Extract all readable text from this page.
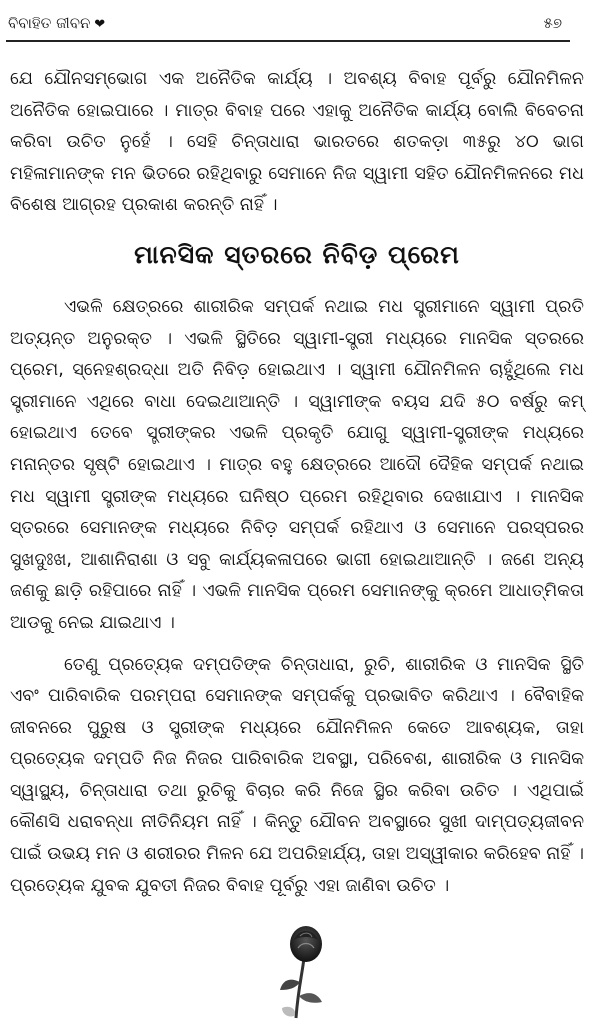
ବିବାହିତ ଜୀବନ ❤	୫୭

ଯେ ଯୌନସମ୍ଭୋଗ ଏକ ଅନୈତିକ କାର୍ଯ୍ୟ । ଅବଶ୍ୟ ବିବାହ ପୂର୍ବରୁ ଯୌନମିଳନ ଅନୈତିକ ହୋଇପାରେ । ମାତ୍ର ବିବାହ ପରେ ଏହାକୁ ଅନୈତିକ କାର୍ଯ୍ୟ ବୋଲି ବିବେଚନା କରିବା ଉଚିତ ନୁହେଁ । ସେହି ଚିନ୍ତାଧାରା ଭାରତରେ ଶତକଡ଼ା ୩୫ରୁ ୪୦ ଭାଗ ମହିଳାମାନଙ୍କ ମନ ଭିତରେ ରହିଥିବାରୁ ସେମାନେ ନିଜ ସ୍ୱାମୀ ସହିତ ଯୌନମିଳନରେ ମଧ ବିଶେଷ ଆଗ୍ରହ ପ୍ରକାଶ କରନ୍ତି ନାହିଁ ।

ମାନସିକ ସ୍ତରରେ ନିବିଡ଼ ପ୍ରେମ

ଏଭଳି କ୍ଷେତ୍ରରେ ଶାରୀରିକ ସମ୍ପର୍କ ନଥାଇ ମଧ ସ୍ତ୍ରୀମାନେ ସ୍ୱାମୀ ପ୍ରତି ଅତ୍ୟନ୍ତ ଅନୁରକ୍ତ । ଏଭଳି ସ୍ଥିତିରେ ସ୍ୱାମୀ-ସ୍ତ୍ରୀ ମଧ୍ୟରେ ମାନସିକ ସ୍ତରରେ ପ୍ରେମ, ସ୍ନେହଶ୍ରଦ୍ଧା ଅତି ନିବିଡ଼ ହୋଇଥାଏ । ସ୍ୱାମୀ ଯୌନମିଳନ ଚାହୁଁଥିଲେ ମଧ ସ୍ତ୍ରୀମାନେ ଏଥିରେ ବାଧା ଦେଇଥାଆନ୍ତି । ସ୍ୱାମୀଙ୍କ ବୟସ ଯଦି ୫୦ ବର୍ଷରୁ କମ୍ ହୋଇଥାଏ ତେବେ ସ୍ତ୍ରୀଙ୍କର ଏଭଳି ପ୍ରକୃତି ଯୋଗୁ ସ୍ୱାମୀ-ସ୍ତ୍ରୀଙ୍କ ମଧ୍ୟରେ ମନାନ୍ତର ସୃଷ୍ଟି ହୋଇଥାଏ । ମାତ୍ର ବହୁ କ୍ଷେତ୍ରରେ ଆଦୌ ଦୈହିକ ସମ୍ପର୍କ ନଥାଇ ମଧ ସ୍ୱାମୀ ସ୍ତ୍ରୀଙ୍କ ମଧ୍ୟରେ ଘନିଷ୍ଠ ପ୍ରେମ ରହିଥିବାର ଦେଖାଯାଏ । ମାନସିକ ସ୍ତରରେ ସେମାନଙ୍କ ମଧ୍ୟରେ ନିବିଡ଼ ସମ୍ପର୍କ ରହିଥାଏ ଓ ସେମାନେ ପରସ୍ପରର ସୁଖଦୁଃଖ, ଆଶାନିରାଶା ଓ ସବୁ କାର୍ଯ୍ୟକଳାପରେ ଭାଗୀ ହୋଇଥାଆନ୍ତି । ଜଣେ ଅନ୍ୟ ଜଣକୁ ଛାଡ଼ି ରହିପାରେ ନାହିଁ । ଏଭଳି ମାନସିକ ପ୍ରେମ ସେମାନଙ୍କୁ କ୍ରମେ ଆଧାତ୍ମିକତା ଆଡକୁ ନେଇ ଯାଇଥାଏ ।

ତେଣୁ ପ୍ରତ୍ୟେକ ଦମ୍ପତିଙ୍କ ଚିନ୍ତାଧାରା, ରୁଚି, ଶାରୀରିକ ଓ ମାନସିକ ସ୍ଥିତି ଏବଂ ପାରିବାରିକ ପରମ୍ପରା ସେମାନଙ୍କ ସମ୍ପର୍କକୁ ପ୍ରଭାବିତ କରିଥାଏ । ବୈବାହିକ ଜୀବନରେ ପୁରୁଷ ଓ ସ୍ତ୍ରୀଙ୍କ ମଧ୍ୟରେ ଯୌନମିଳନ କେତେ ଆବଶ୍ୟକ, ତାହା ପ୍ରତ୍ୟେକ ଦମ୍ପତି ନିଜ ନିଜର ପାରିବାରିକ ଅବସ୍ଥା, ପରିବେଶ, ଶାରୀରିକ ଓ ମାନସିକ ସ୍ୱାସ୍ଥ୍ୟ, ଚିନ୍ତାଧାରା ତଥା ରୁଚିକୁ ବିଚାର କରି ନିଜେ ସ୍ଥିର କରିବା ଉଚିତ । ଏଥିପାଇଁ କୌଣସି ଧରାବନ୍ଧା ନୀତିନିୟମ ନାହିଁ । କିନ୍ତୁ ଯୌବନ ଅବସ୍ଥାରେ ସୁଖୀ ଦାମ୍ପତ୍ୟଜୀବନ ପାଇଁ ଉଭୟ ମନ ଓ ଶରୀରର ମିଳନ ଯେ ଅପରିହାର୍ଯ୍ୟ, ତାହା ଅସ୍ୱୀକାର କରିହେବ ନାହିଁ । ପ୍ରତ୍ୟେକ ଯୁବକ ଯୁବତୀ ନିଜର ବିବାହ ପୂର୍ବରୁ ଏହା ଜାଣିବା ଉଚିତ ।
